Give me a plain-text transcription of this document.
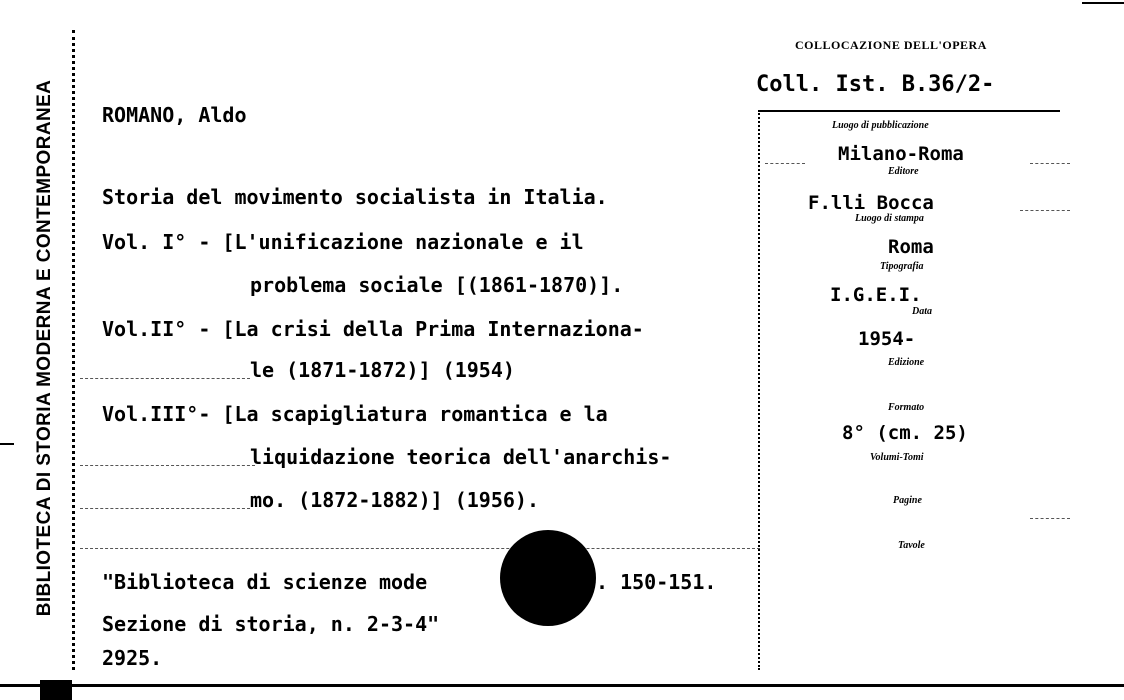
BIBLIOTECA DI STORIA MODERNA E CONTEMPORANEA
COLLOCAZIONE DELL'OPERA
Coll. Ist. B.36/2-
ROMANO, Aldo
Storia del movimento socialista in Italia.
Vol. I° - [L'unificazione nazionale e il
problema sociale [(1861-1870)].
Vol.II° - [La crisi della Prima Internaziona-
le (1871-1872)] (1954)
Vol.III°- [La scapigliatura romantica e la
liquidazione teorica dell'anarchis-
mo. (1872-1882)] (1956).
"Biblioteca di scienze mode	. 150-151.
Sezione di storia, n. 2-3-4"
2925.
Luogo di pubblicazione
Milano-Roma
Editore
F.lli Bocca
Luogo di stampa
Roma
Tipografia
I.G.E.I.
Data
1954-
Edizione
Formato
8° (cm. 25)
Volumi-Tomi
Pagine
Tavole
